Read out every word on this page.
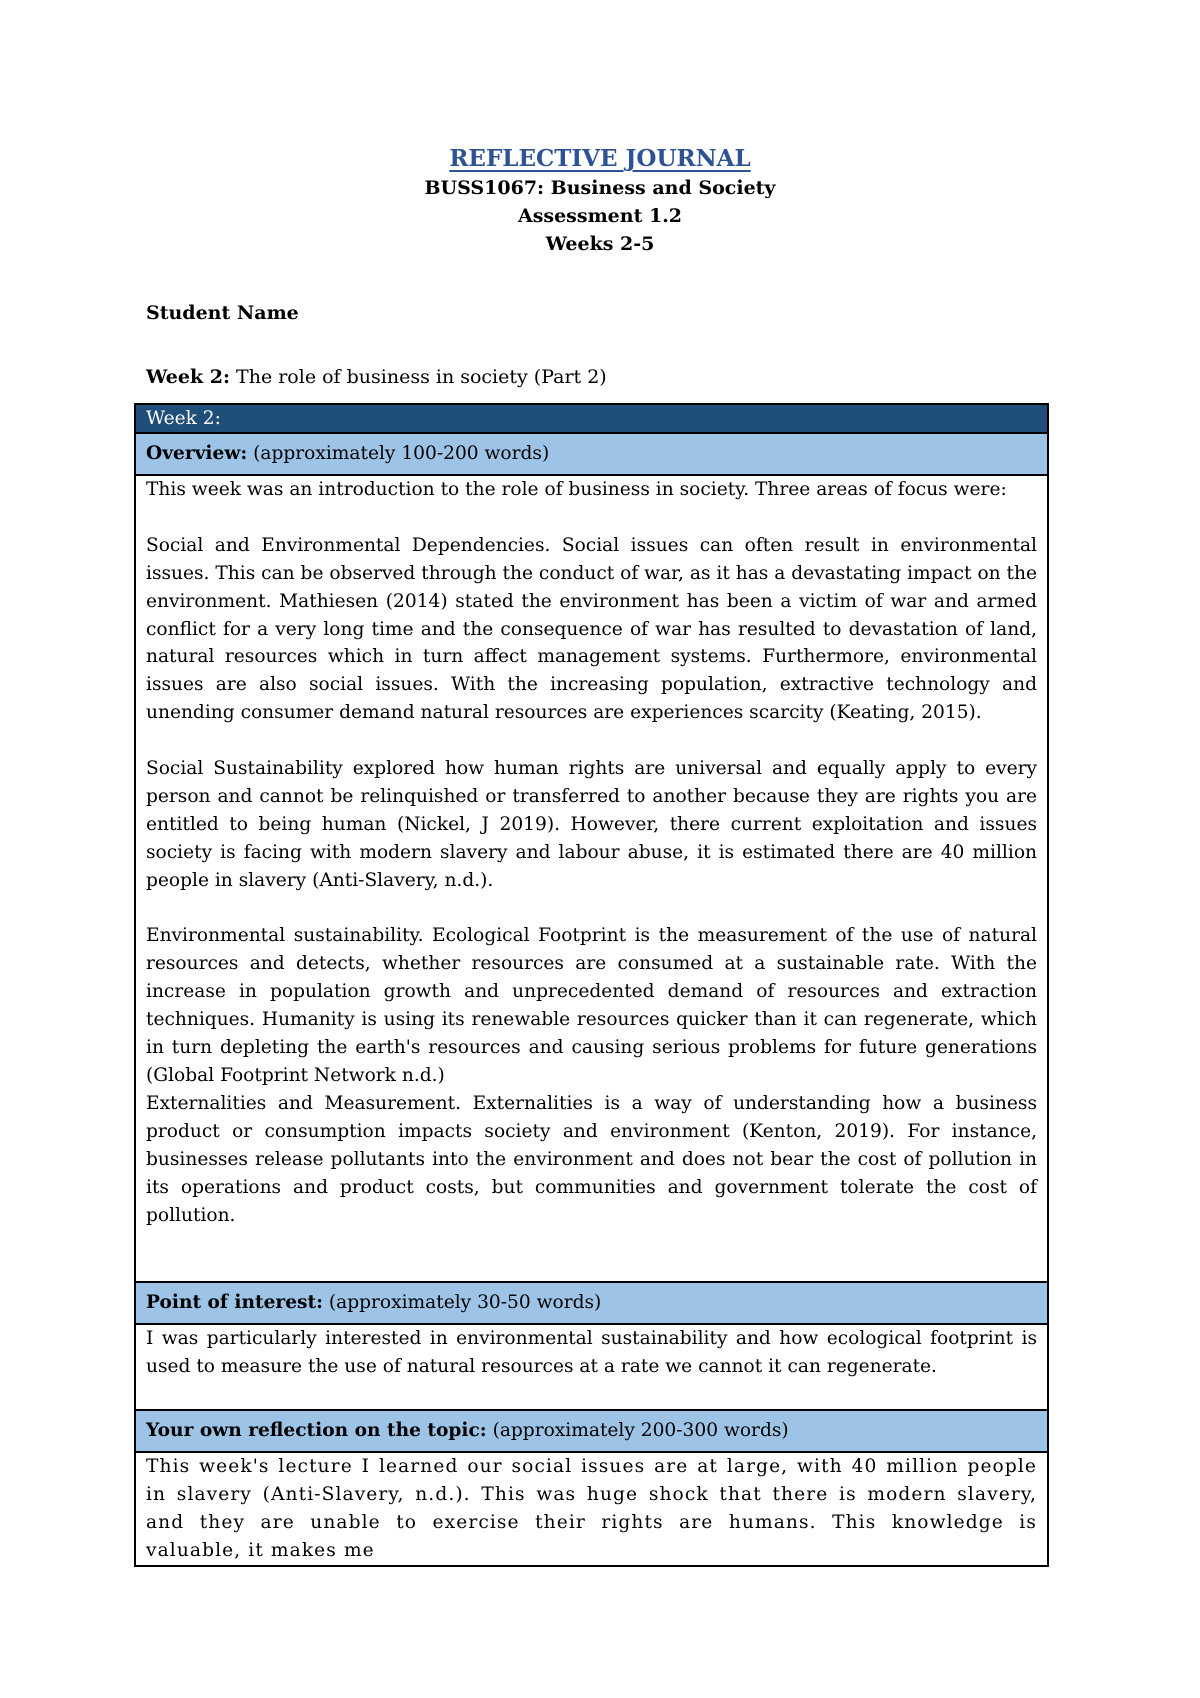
REFLECTIVE JOURNAL

BUSS1067: Business and Society

Assessment 1.2

Weeks 2-5

Student Name
Week 2: The role of business in society (Part 2)
Week 2:
Overview: (approximately 100-200 words)

This week was an introduction to the role of business in society. Three areas of focus were:

Social and Environmental Dependencies. Social issues can often result in environmental issues. This can be observed through the conduct of war, as it has a devastating impact on the environment. Mathiesen (2014) stated the environment has been a victim of war and armed conflict for a very long time and the consequence of war has resulted to devastation of land, natural resources which in turn affect management systems. Furthermore, environmental issues are also social issues. With the increasing population, extractive technology and unending consumer demand natural resources are experiences scarcity (Keating, 2015).

Social Sustainability explored how human rights are universal and equally apply to every person and cannot be relinquished or transferred to another because they are rights you are entitled to being human (Nickel, J 2019). However, there current exploitation and issues society is facing with modern slavery and labour abuse, it is estimated there are 40 million people in slavery (Anti-Slavery, n.d.).

Environmental sustainability. Ecological Footprint is the measurement of the use of natural resources and detects, whether resources are consumed at a sustainable rate. With the increase in population growth and unprecedented demand of resources and extraction techniques. Humanity is using its renewable resources quicker than it can regenerate, which in turn depleting the earth's resources and causing serious problems for future generations (Global Footprint Network n.d.)

Externalities and Measurement. Externalities is a way of understanding how a business product or consumption impacts society and environment (Kenton, 2019). For instance, businesses release pollutants into the environment and does not bear the cost of pollution in its operations and product costs, but communities and government tolerate the cost of pollution.

Point of interest: (approximately 30-50 words)

I was particularly interested in environmental sustainability and how ecological footprint is used to measure the use of natural resources at a rate we cannot it can regenerate.

Your own reflection on the topic: (approximately 200-300 words)

This week's lecture I learned our social issues are at large, with 40 million people in slavery (Anti-Slavery, n.d.). This was huge shock that there is modern slavery, and they are unable to exercise their rights are humans. This knowledge is valuable, it makes me
